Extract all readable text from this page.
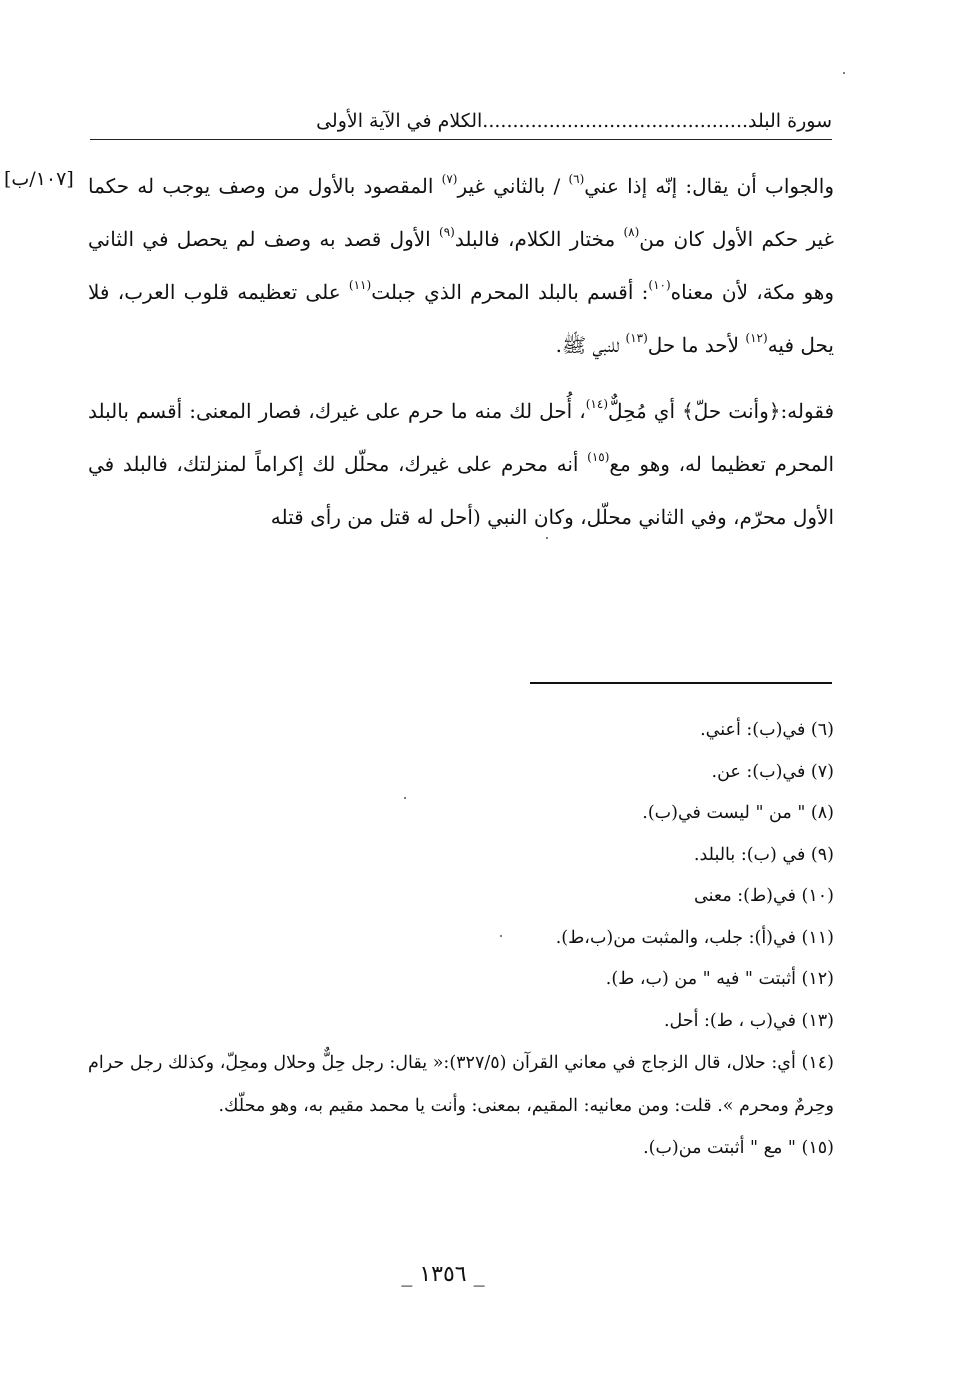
سورة البلد............................................الكلام في الآية الأولى
[١٠٧/ب]	والجواب أن يقال: إنّه إذا عني$^{(٦)}$ / بالثاني غير$^{(٧)}$ المقصود بالأول من وصف يوجب له حكما غير حكم الأول كان من$^{(٨)}$ مختار الكلام، فالبلد$^{(٩)}$ الأول قصد به وصف لم يحصل في الثاني وهو مكة، لأن معناه$^{(١٠)}$: أقسم بالبلد المحرم الذي جبلت$^{(١١)}$ على تعظيمه قلوب العرب، فلا يحل فيه$^{(١٢)}$ لأحد ما حل$^{(١٣)}$ للنبي ﷺ.

فقوله:﴿وأنت حلّ﴾ أي مُحِلٌّ$^{(١٤)}$، أُحل لك منه ما حرم على غيرك، فصار المعنى: أقسم بالبلد المحرم تعظيما له، وهو مع$^{(١٥)}$ أنه محرم على غيرك، محلّل لك إكراماً لمنزلتك، فالبلد في الأول محرّم، وفي الثاني محلّل، وكان النبي (أحل له قتل من رأى قتله

(٦) في(ب): أعني.
(٧) في(ب): عن.
(٨) " من " ليست في(ب).
(٩) في (ب): بالبلد.
(١٠) في(ط): معنى
(١١) في(أ): جلب، والمثبت من(ب،ط).
(١٢) أثبتت " فيه " من (ب، ط).
(١٣) في(ب ، ط): أحل.
(١٤) أي: حلال، قال الزجاج في معاني القرآن (٣٢٧/٥):« يقال: رجل حِلٌّ وحلال ومحِلّ، وكذلك رجل حرام وحِرمٌ ومحرم ». قلت: ومن معانيه: المقيم، بمعنى: وأنت يا محمد مقيم به، وهو محلّك.
(١٥) " مع " أثبتت من(ب).
_ ١٣٥٦ _
